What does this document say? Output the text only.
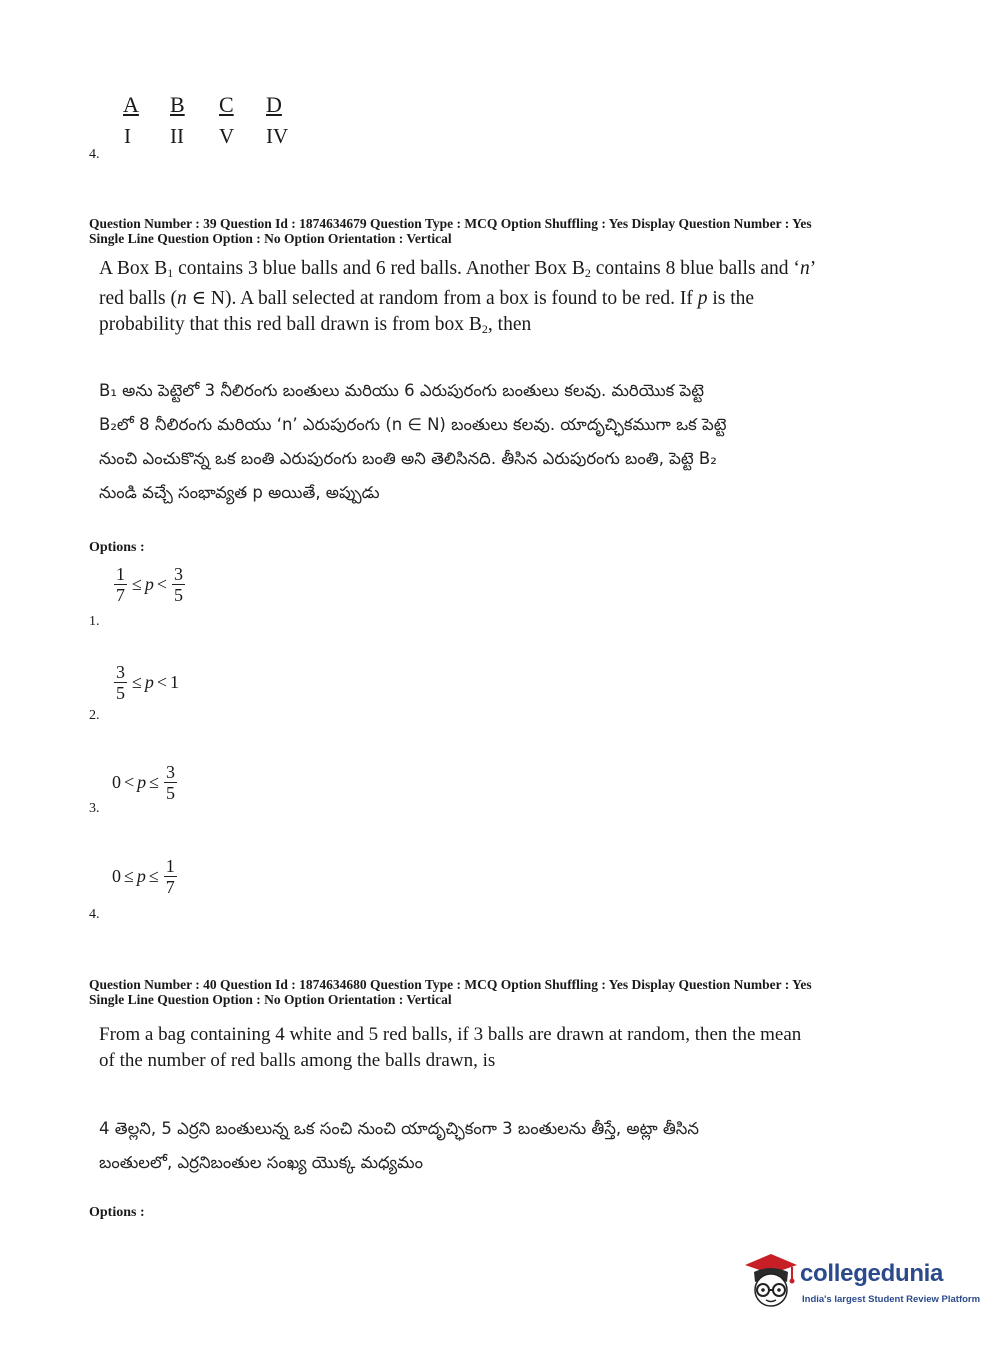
A B C D
I II V IV
4.
Question Number : 39 Question Id : 1874634679 Question Type : MCQ Option Shuffling : Yes Display Question Number : Yes
Single Line Question Option : No Option Orientation : Vertical
A Box $B_1$ contains 3 blue balls and 6 red balls. Another Box $B_2$ contains 8 blue balls and ‘n’
red balls (n ∈ N). A ball selected at random from a box is found to be red. If p is the
probability that this red ball drawn is from box $B_2$, then
B₁ అను పెట్టెలో 3 నీలిరంగు బంతులు మరియు 6 ఎరుపురంగు బంతులు కలవు. మరియొక పెట్టె
B₂లో 8 నీలిరంగు మరియు ‘n’ ఎరుపురంగు (n ∈ N) బంతులు కలవు. యాదృచ్ఛికముగా ఒక పెట్టె
నుంచి ఎంచుకొన్న ఒక బంతి ఎరుపురంగు బంతి అని తెలిసినది. తీసిన ఎరుపురంగు బంతి, పెట్టె B₂
నుండి వచ్చే సంభావ్యత p అయితే, అప్పుడు
Options :
$\frac{1}{7} \le p < \frac{3}{5}$
1.
$\frac{3}{5} \le p < 1$
2.
$0 < p \le \frac{3}{5}$
3.
$0 \le p \le \frac{1}{7}$
4.
Question Number : 40 Question Id : 1874634680 Question Type : MCQ Option Shuffling : Yes Display Question Number : Yes
Single Line Question Option : No Option Orientation : Vertical
From a bag containing 4 white and 5 red balls, if 3 balls are drawn at random, then the mean
of the number of red balls among the balls drawn, is
4 తెల్లని, 5 ఎర్రని బంతులున్న ఒక సంచి నుంచి యాదృచ్ఛికంగా 3 బంతులను తీస్తే, అట్లా తీసిన
బంతులలో, ఎర్రనిబంతుల సంఖ్య యొక్క మధ్యమం
Options :
collegedunia
India's largest Student Review Platform
